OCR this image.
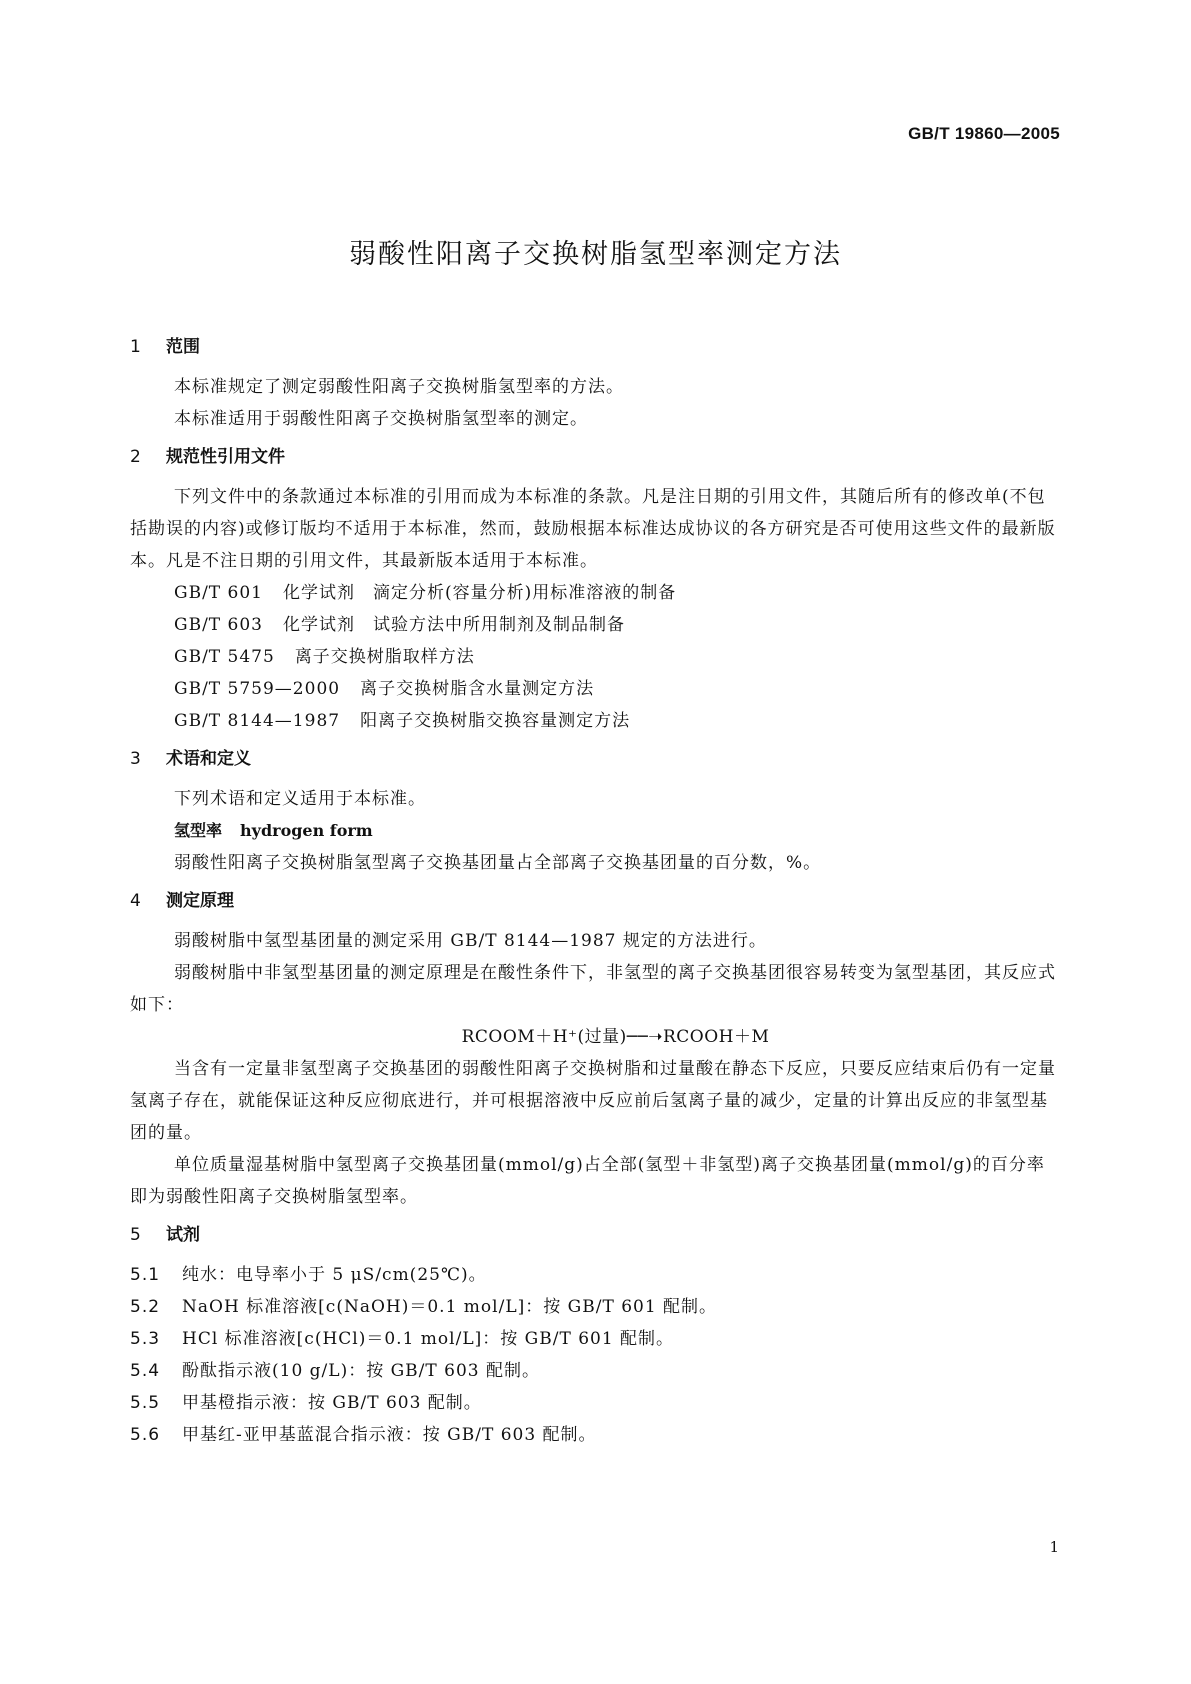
GB/T 19860—2005
弱酸性阳离子交换树脂氢型率测定方法
1	范围

本标准规定了测定弱酸性阳离子交换树脂氢型率的方法。

本标准适用于弱酸性阳离子交换树脂氢型率的测定。

2	规范性引用文件

下列文件中的条款通过本标准的引用而成为本标准的条款。凡是注日期的引用文件，其随后所有的修改单(不包括勘误的内容)或修订版均不适用于本标准，然而，鼓励根据本标准达成协议的各方研究是否可使用这些文件的最新版本。凡是不注日期的引用文件，其最新版本适用于本标准。

GB/T 601 化学试剂　滴定分析(容量分析)用标准溶液的制备

GB/T 603 化学试剂　试验方法中所用制剂及制品制备

GB/T 5475 离子交换树脂取样方法

GB/T 5759—2000 离子交换树脂含水量测定方法

GB/T 8144—1987 阳离子交换树脂交换容量测定方法

3	术语和定义

下列术语和定义适用于本标准。

氢型率 hydrogen form

弱酸性阳离子交换树脂氢型离子交换基团量占全部离子交换基团量的百分数，%。

4	测定原理

弱酸树脂中氢型基团量的测定采用 GB/T 8144—1987 规定的方法进行。

弱酸树脂中非氢型基团量的测定原理是在酸性条件下，非氢型的离子交换基团很容易转变为氢型基团，其反应式如下：

RCOOM＋H⁺(过量)──➝RCOOH＋M

当含有一定量非氢型离子交换基团的弱酸性阳离子交换树脂和过量酸在静态下反应，只要反应结束后仍有一定量氢离子存在，就能保证这种反应彻底进行，并可根据溶液中反应前后氢离子量的减少，定量的计算出反应的非氢型基团的量。

单位质量湿基树脂中氢型离子交换基团量(mmol/g)占全部(氢型＋非氢型)离子交换基团量(mmol/g)的百分率即为弱酸性阳离子交换树脂氢型率。

5	试剂

5.1	纯水：电导率小于 5 μS/cm(25℃)。

5.2	NaOH 标准溶液[c(NaOH)＝0.1 mol/L]：按 GB/T 601 配制。

5.3	HCl 标准溶液[c(HCl)＝0.1 mol/L]：按 GB/T 601 配制。

5.4	酚酞指示液(10 g/L)：按 GB/T 603 配制。

5.5	甲基橙指示液：按 GB/T 603 配制。

5.6	甲基红-亚甲基蓝混合指示液：按 GB/T 603 配制。

1
